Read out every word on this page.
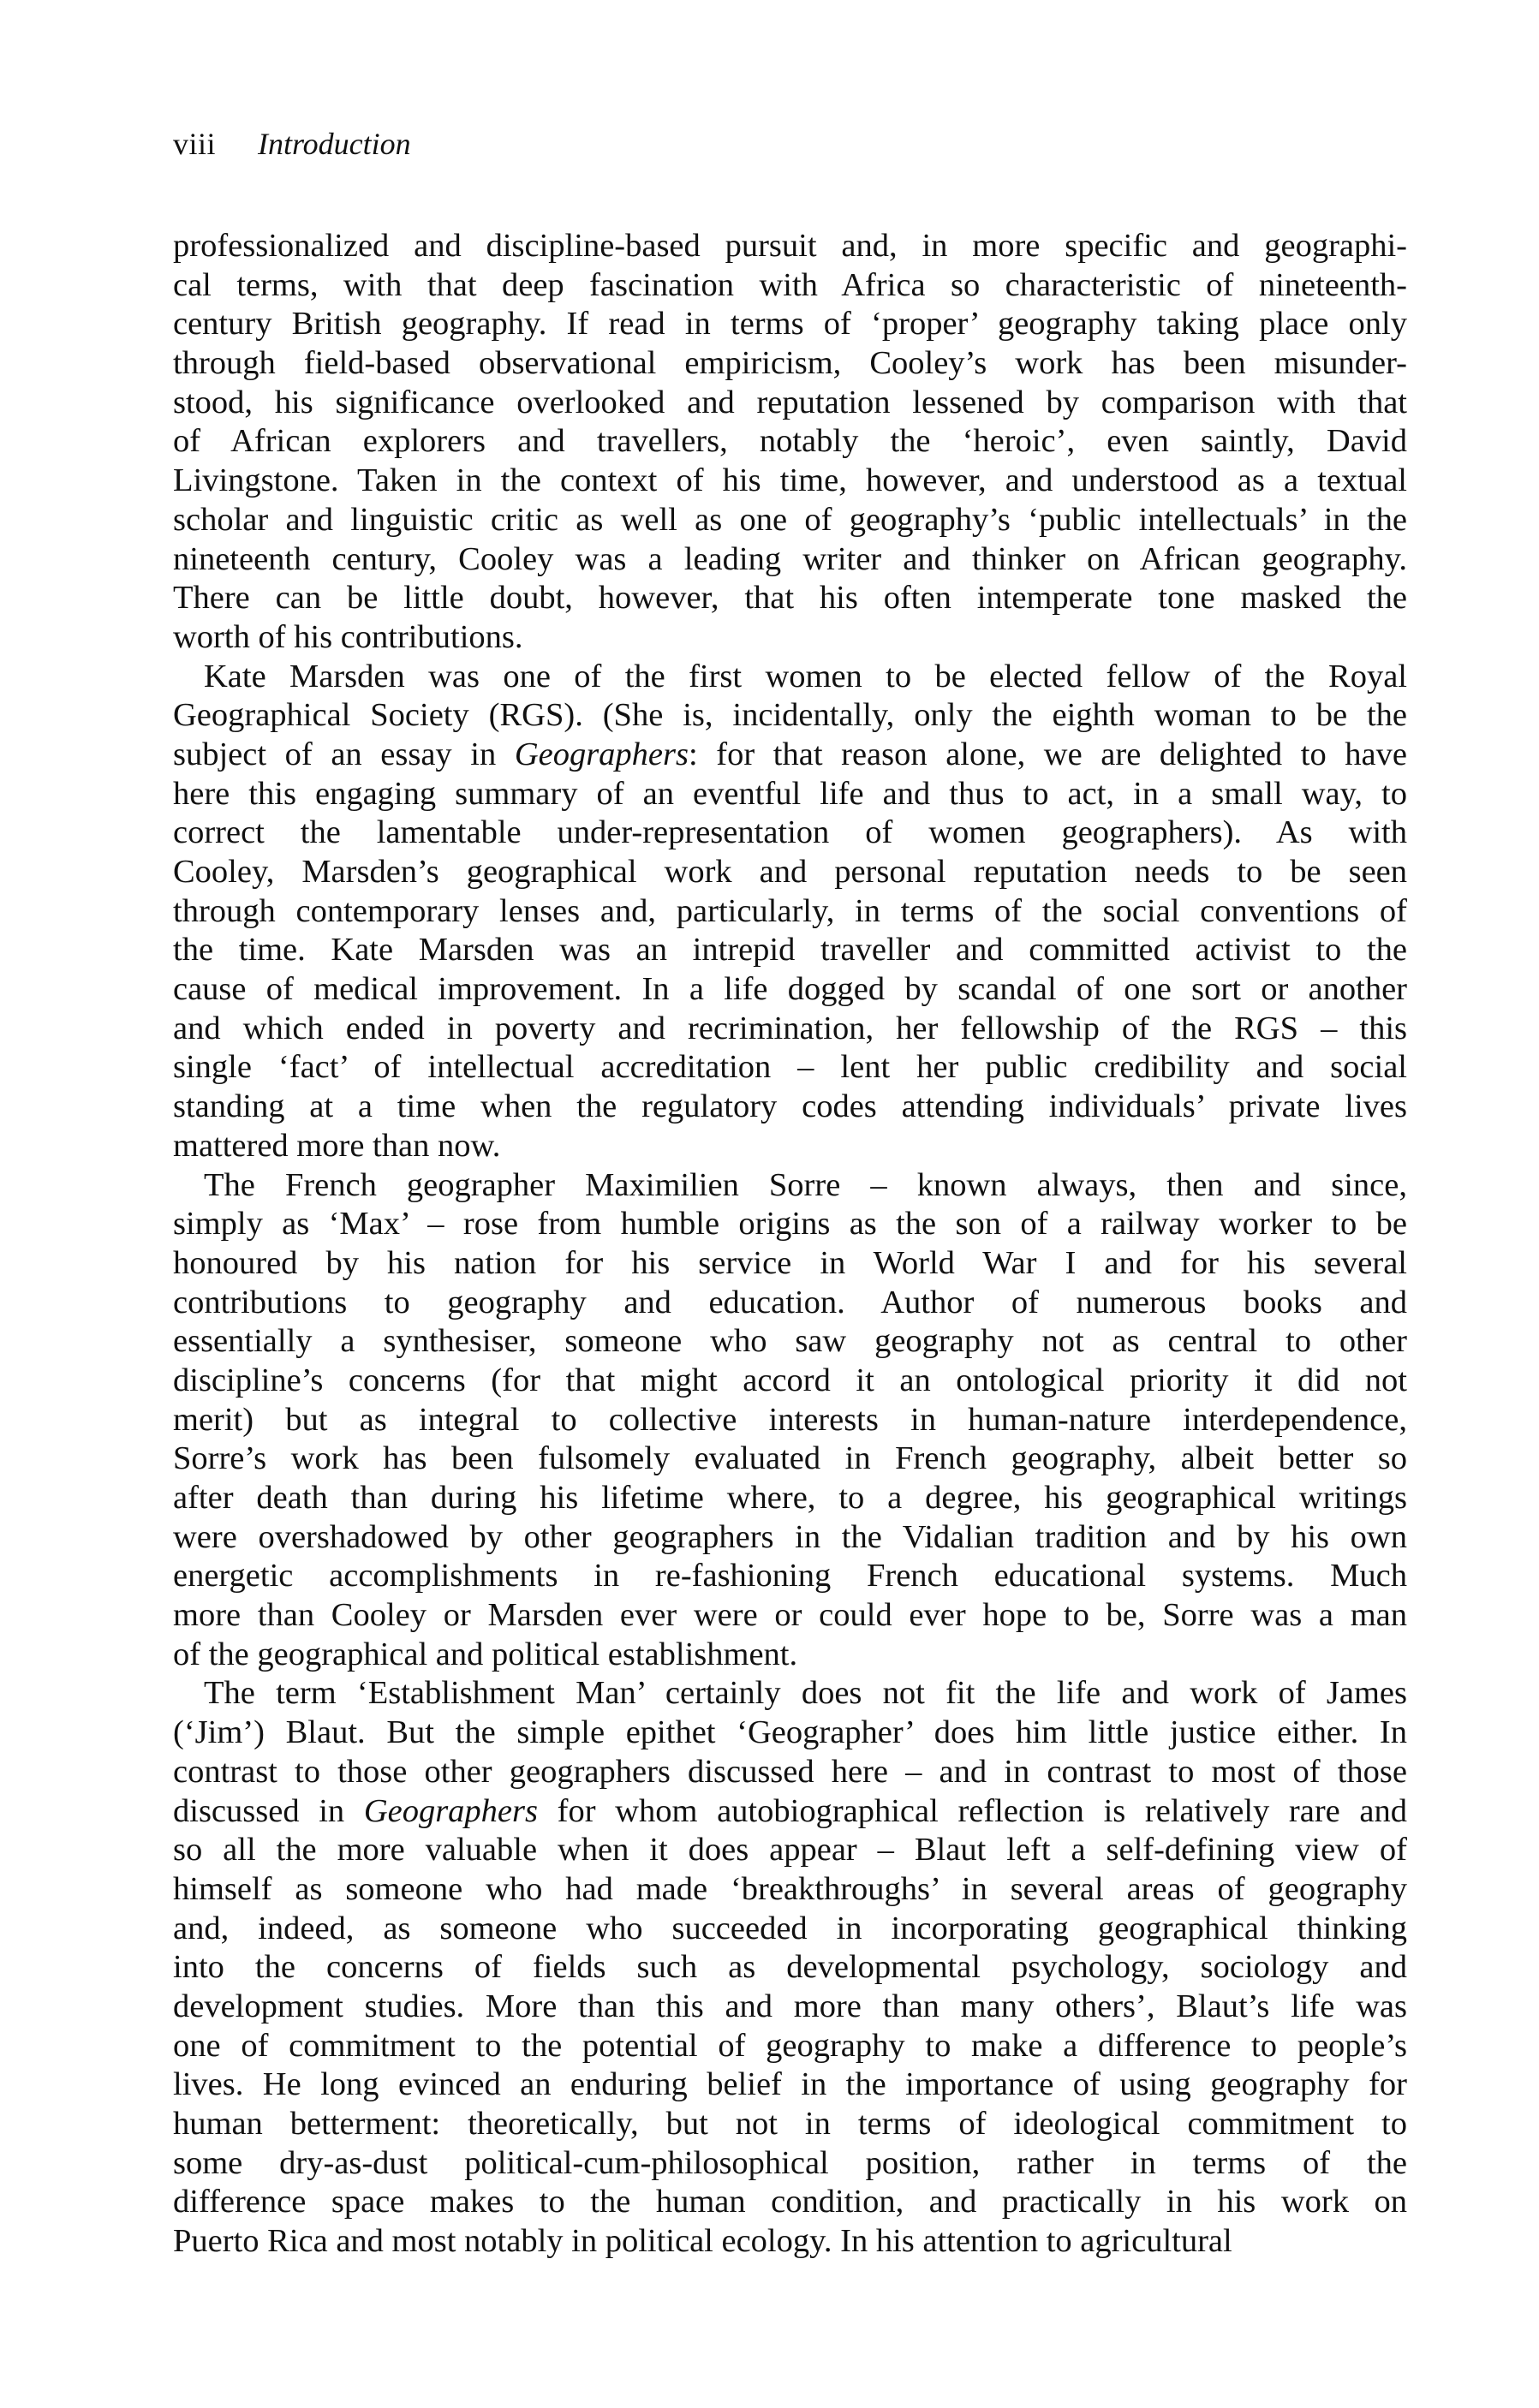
viii Introduction
professionalized and discipline-based pursuit and, in more specific and geographi-
cal terms, with that deep fascination with Africa so characteristic of nineteenth-
century British geography. If read in terms of ‘proper’ geography taking place only
through field-based observational empiricism, Cooley’s work has been misunder-
stood, his significance overlooked and reputation lessened by comparison with that
of African explorers and travellers, notably the ‘heroic’, even saintly, David
Livingstone. Taken in the context of his time, however, and understood as a textual
scholar and linguistic critic as well as one of geography’s ‘public intellectuals’ in the
nineteenth century, Cooley was a leading writer and thinker on African geography.
There can be little doubt, however, that his often intemperate tone masked the
worth of his contributions.
Kate Marsden was one of the first women to be elected fellow of the Royal
Geographical Society (RGS). (She is, incidentally, only the eighth woman to be the
subject of an essay in Geographers: for that reason alone, we are delighted to have
here this engaging summary of an eventful life and thus to act, in a small way, to
correct the lamentable under-representation of women geographers). As with
Cooley, Marsden’s geographical work and personal reputation needs to be seen
through contemporary lenses and, particularly, in terms of the social conventions of
the time. Kate Marsden was an intrepid traveller and committed activist to the
cause of medical improvement. In a life dogged by scandal of one sort or another
and which ended in poverty and recrimination, her fellowship of the RGS – this
single ‘fact’ of intellectual accreditation – lent her public credibility and social
standing at a time when the regulatory codes attending individuals’ private lives
mattered more than now.
The French geographer Maximilien Sorre – known always, then and since,
simply as ‘Max’ – rose from humble origins as the son of a railway worker to be
honoured by his nation for his service in World War I and for his several
contributions to geography and education. Author of numerous books and
essentially a synthesiser, someone who saw geography not as central to other
discipline’s concerns (for that might accord it an ontological priority it did not
merit) but as integral to collective interests in human-nature interdependence,
Sorre’s work has been fulsomely evaluated in French geography, albeit better so
after death than during his lifetime where, to a degree, his geographical writings
were overshadowed by other geographers in the Vidalian tradition and by his own
energetic accomplishments in re-fashioning French educational systems. Much
more than Cooley or Marsden ever were or could ever hope to be, Sorre was a man
of the geographical and political establishment.
The term ‘Establishment Man’ certainly does not fit the life and work of James
(‘Jim’) Blaut. But the simple epithet ‘Geographer’ does him little justice either. In
contrast to those other geographers discussed here – and in contrast to most of those
discussed in Geographers for whom autobiographical reflection is relatively rare and
so all the more valuable when it does appear – Blaut left a self-defining view of
himself as someone who had made ‘breakthroughs’ in several areas of geography
and, indeed, as someone who succeeded in incorporating geographical thinking
into the concerns of fields such as developmental psychology, sociology and
development studies. More than this and more than many others’, Blaut’s life was
one of commitment to the potential of geography to make a difference to people’s
lives. He long evinced an enduring belief in the importance of using geography for
human betterment: theoretically, but not in terms of ideological commitment to
some dry-as-dust political-cum-philosophical position, rather in terms of the
difference space makes to the human condition, and practically in his work on
Puerto Rica and most notably in political ecology. In his attention to agricultural
